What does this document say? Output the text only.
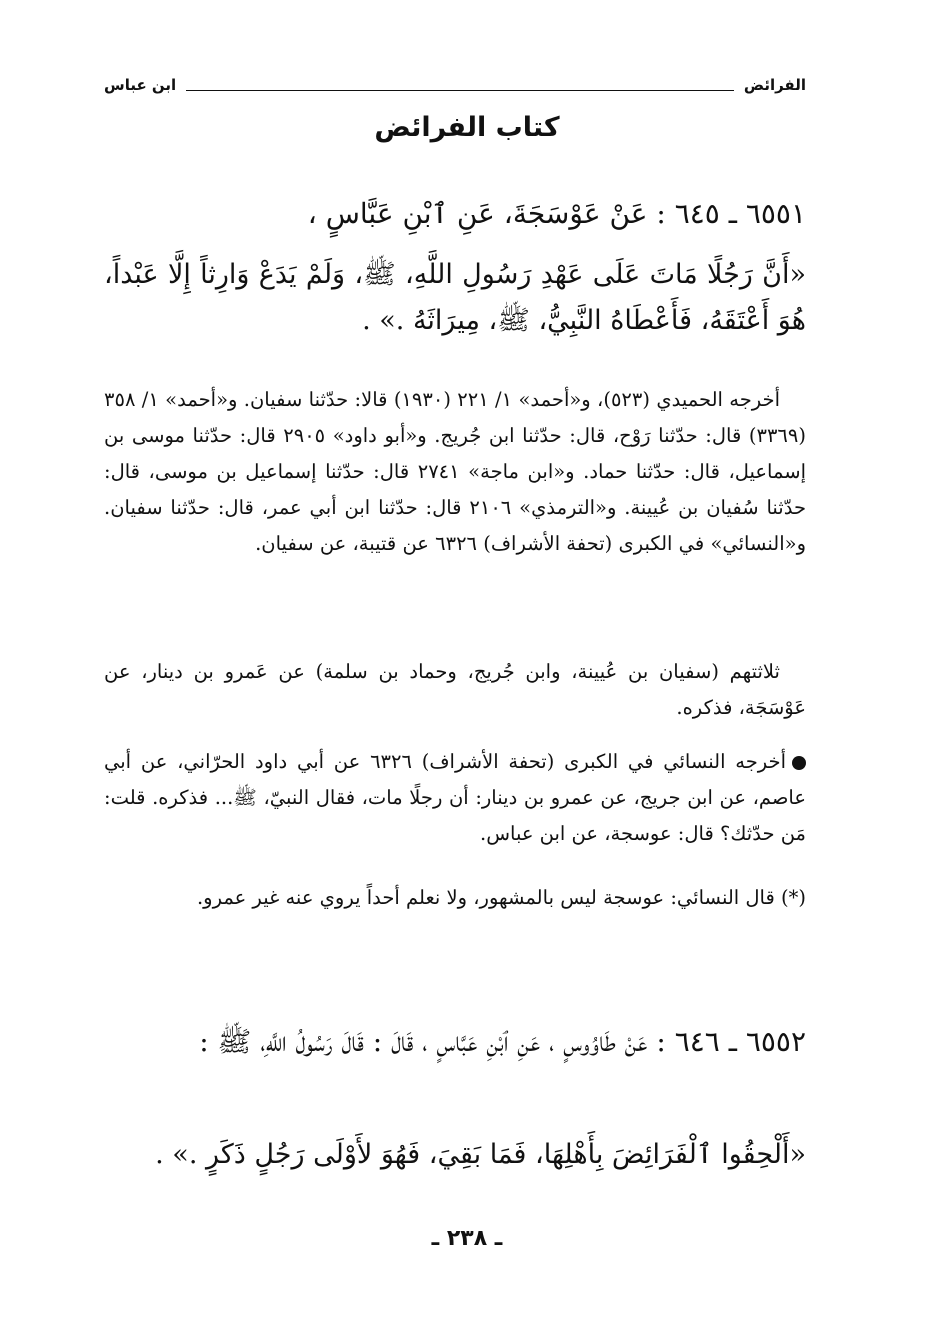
الفرائض
ابن عباس
كتاب الفرائض

٦٥٥١ ـ ٦٤٥ : عَنْ عَوْسَجَةَ، عَنِ ٱبْنِ عَبَّاسٍ ،

«أَنَّ رَجُلًا مَاتَ عَلَى عَهْدِ رَسُولِ اللَّهِ، ﷺ، وَلَمْ يَدَعْ وَارِثاً إِلَّا عَبْداً، هُوَ أَعْتَقَهُ، فَأَعْطَاهُ النَّبِيُّ، ﷺ، مِيرَاثَهُ .» .

أخرجه الحميدي (٥٢٣)، و«أحمد» ١/ ٢٢١ (١٩٣٠) قالا: حدّثنا سفيان. و«أحمد» ١/ ٣٥٨ (٣٣٦٩) قال: حدّثنا رَوْح، قال: حدّثنا ابن جُريج. و«أبو داود» ٢٩٠٥ قال: حدّثنا موسى بن إسماعيل، قال: حدّثنا حماد. و«ابن ماجة» ٢٧٤١ قال: حدّثنا إسماعيل بن موسى، قال: حدّثنا سُفيان بن عُيينة. و«الترمذي» ٢١٠٦ قال: حدّثنا ابن أبي عمر، قال: حدّثنا سفيان. و«النسائي» في الكبرى (تحفة الأشراف) ٦٣٢٦ عن قتيبة، عن سفيان.

ثلاثتهم (سفيان بن عُيينة، وابن جُريج، وحماد بن سلمة) عن عَمرو بن دينار، عن عَوْسَجَة، فذكره.

أخرجه النسائي في الكبرى (تحفة الأشراف) ٦٣٢٦ عن أبي داود الحرّاني، عن أبي عاصم، عن ابن جريج، عن عمرو بن دينار: أن رجلًا مات، فقال النبيّ، ﷺ... فذكره. قلت: مَن حدّثك؟ قال: عوسجة، عن ابن عباس.

(*) قال النسائي: عوسجة ليس بالمشهور، ولا نعلم أحداً يروي عنه غير عمرو.

٦٥٥٢ ـ ٦٤٦ : عَنْ طَاوُوسٍ ، عَنِ ٱبْنِ عَبَّاسٍ ، قَالَ : قَالَ رَسُولُ اللَّهِ، ﷺ :

«أَلْحِقُوا ٱلْفَرَائِضَ بِأَهْلِهَا، فَمَا بَقِيَ، فَهُوَ لأَوْلَى رَجُلٍ ذَكَرٍ .» .

ـ ٢٣٨ ـ
